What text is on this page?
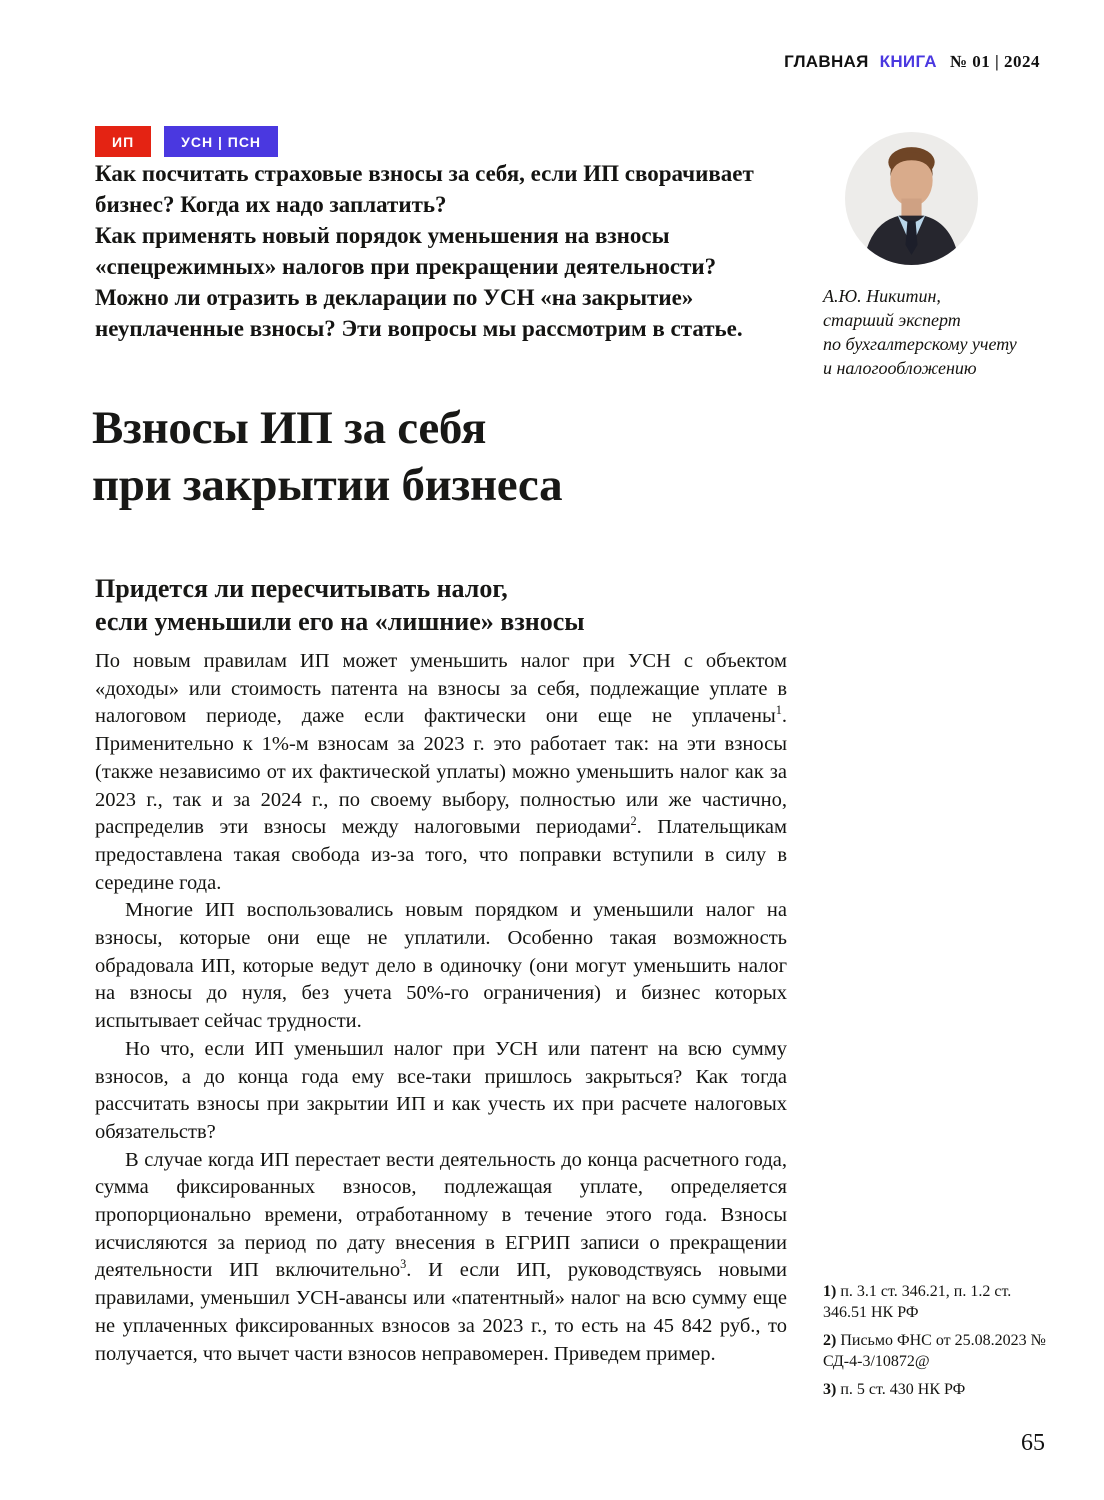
ГЛАВНАЯ КНИГА № 01 | 2024
ИП	УСН | ПСН

Как посчитать страховые взносы за себя, если ИП сворачивает бизнес? Когда их надо заплатить?

Как применять новый порядок уменьшения на взносы «спецрежимных» налогов при прекращении деятельности? Можно ли отразить в декларации по УСН «на закрытие» неуплаченные взносы? Эти вопросы мы рассмотрим в статье.

А.Ю. Никитин,
старший эксперт
по бухгалтерскому учету
и налогообложению
Взносы ИП за себя
при закрытии бизнеса
Придется ли пересчитывать налог,
если уменьшили его на «лишние» взносы

По новым правилам ИП может уменьшить налог при УСН с объектом «доходы» или стоимость патента на взносы за себя, подлежащие уплате в налоговом периоде, даже если фактически они еще не уплачены$^1$. Применительно к 1%-м взносам за 2023 г. это работает так: на эти взносы (также независимо от их фактической уплаты) можно уменьшить налог как за 2023 г., так и за 2024 г., по своему выбору, полностью или же частично, распределив эти взносы между налоговыми периодами$^2$. Плательщикам предоставлена такая свобода из-за того, что поправки вступили в силу в середине года.

Многие ИП воспользовались новым порядком и уменьшили налог на взносы, которые они еще не уплатили. Особенно такая возможность обрадовала ИП, которые ведут дело в одиночку (они могут уменьшить налог на взносы до нуля, без учета 50%-го ограничения) и бизнес которых испытывает сейчас трудности.

Но что, если ИП уменьшил налог при УСН или патент на всю сумму взносов, а до конца года ему все-таки пришлось закрыться? Как тогда рассчитать взносы при закрытии ИП и как учесть их при расчете налоговых обязательств?

В случае когда ИП перестает вести деятельность до конца расчетного года, сумма фиксированных взносов, подлежащая уплате, определяется пропорционально времени, отработанному в течение этого года. Взносы исчисляются за период по дату внесения в ЕГРИП записи о прекращении деятельности ИП включительно$^3$. И если ИП, руководствуясь новыми правилами, уменьшил УСН-авансы или «патентный» налог на всю сумму еще не уплаченных фиксированных взносов за 2023 г., то есть на 45 842 руб., то получается, что вычет части взносов неправомерен. Приведем пример.

1) п. 3.1 ст. 346.21, п. 1.2 ст. 346.51 НК РФ

2) Письмо ФНС от 25.08.2023 № СД-4-3/10872@

3) п. 5 ст. 430 НК РФ

65
